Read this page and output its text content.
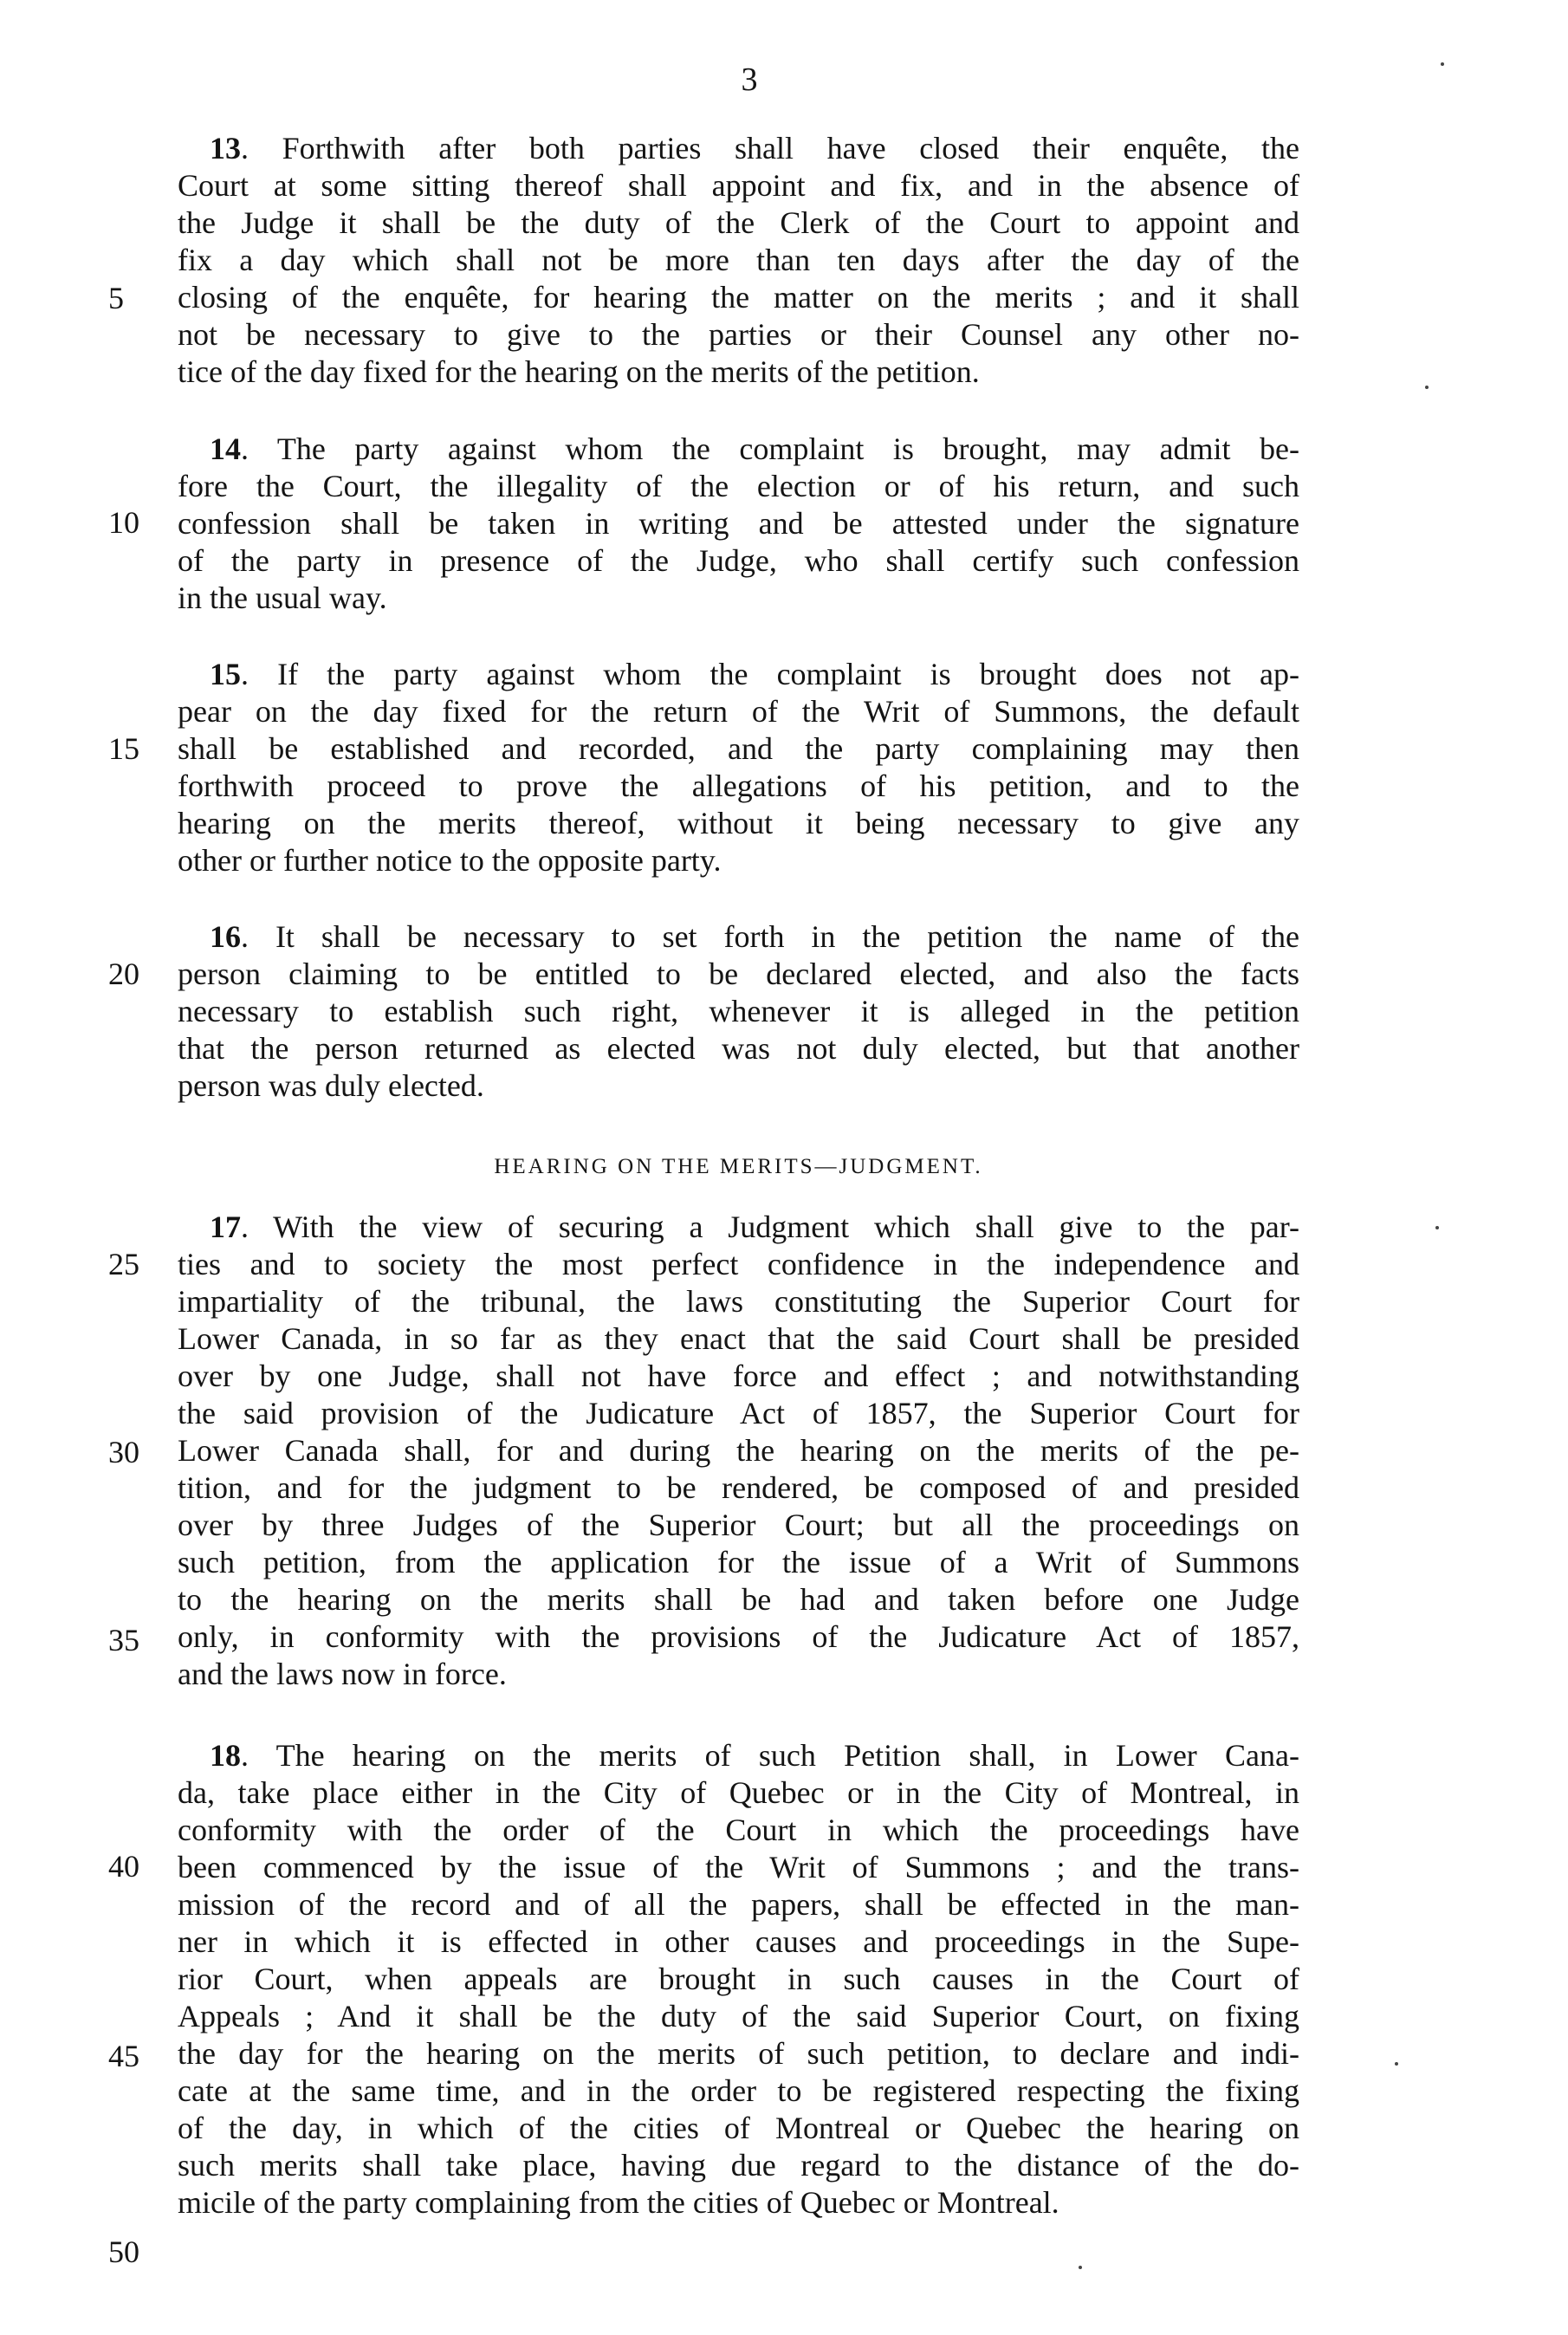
3
5
10
15
20
25
30
35
40
45
50
13. Forthwith after both parties shall have closed their enquête, the
Court at some sitting thereof shall appoint and fix, and in the absence of
the Judge it shall be the duty of the Clerk of the Court to appoint and
fix a day which shall not be more than ten days after the day of the
closing of the enquête, for hearing the matter on the merits ; and it shall
not be necessary to give to the parties or their Counsel any other no-
tice of the day fixed for the hearing on the merits of the petition.
14. The party against whom the complaint is brought, may admit be-
fore the Court, the illegality of the election or of his return, and such
confession shall be taken in writing and be attested under the signature
of the party in presence of the Judge, who shall certify such confession
in the usual way.
15. If the party against whom the complaint is brought does not ap-
pear on the day fixed for the return of the Writ of Summons, the default
shall be established and recorded, and the party complaining may then
forthwith proceed to prove the allegations of his petition, and to the
hearing on the merits thereof, without it being necessary to give any
other or further notice to the opposite party.
16. It shall be necessary to set forth in the petition the name of the
person claiming to be entitled to be declared elected, and also the facts
necessary to establish such right, whenever it is alleged in the petition
that the person returned as elected was not duly elected, but that another
person was duly elected.
HEARING ON THE MERITS—JUDGMENT.
17. With the view of securing a Judgment which shall give to the par-
ties and to society the most perfect confidence in the independence and
impartiality of the tribunal, the laws constituting the Superior Court for
Lower Canada, in so far as they enact that the said Court shall be presided
over by one Judge, shall not have force and effect ; and notwithstanding
the said provision of the Judicature Act of 1857, the Superior Court for
Lower Canada shall, for and during the hearing on the merits of the pe-
tition, and for the judgment to be rendered, be composed of and presided
over by three Judges of the Superior Court; but all the proceedings on
such petition, from the application for the issue of a Writ of Summons
to the hearing on the merits shall be had and taken before one Judge
only, in conformity with the provisions of the Judicature Act of 1857,
and the laws now in force.
18. The hearing on the merits of such Petition shall, in Lower Cana-
da, take place either in the City of Quebec or in the City of Montreal, in
conformity with the order of the Court in which the proceedings have
been commenced by the issue of the Writ of Summons ; and the trans-
mission of the record and of all the papers, shall be effected in the man-
ner in which it is effected in other causes and proceedings in the Supe-
rior Court, when appeals are brought in such causes in the Court of
Appeals ; And it shall be the duty of the said Superior Court, on fixing
the day for the hearing on the merits of such petition, to declare and indi-
cate at the same time, and in the order to be registered respecting the fixing
of the day, in which of the cities of Montreal or Quebec the hearing on
such merits shall take place, having due regard to the distance of the do-
micile of the party complaining from the cities of Quebec or Montreal.
